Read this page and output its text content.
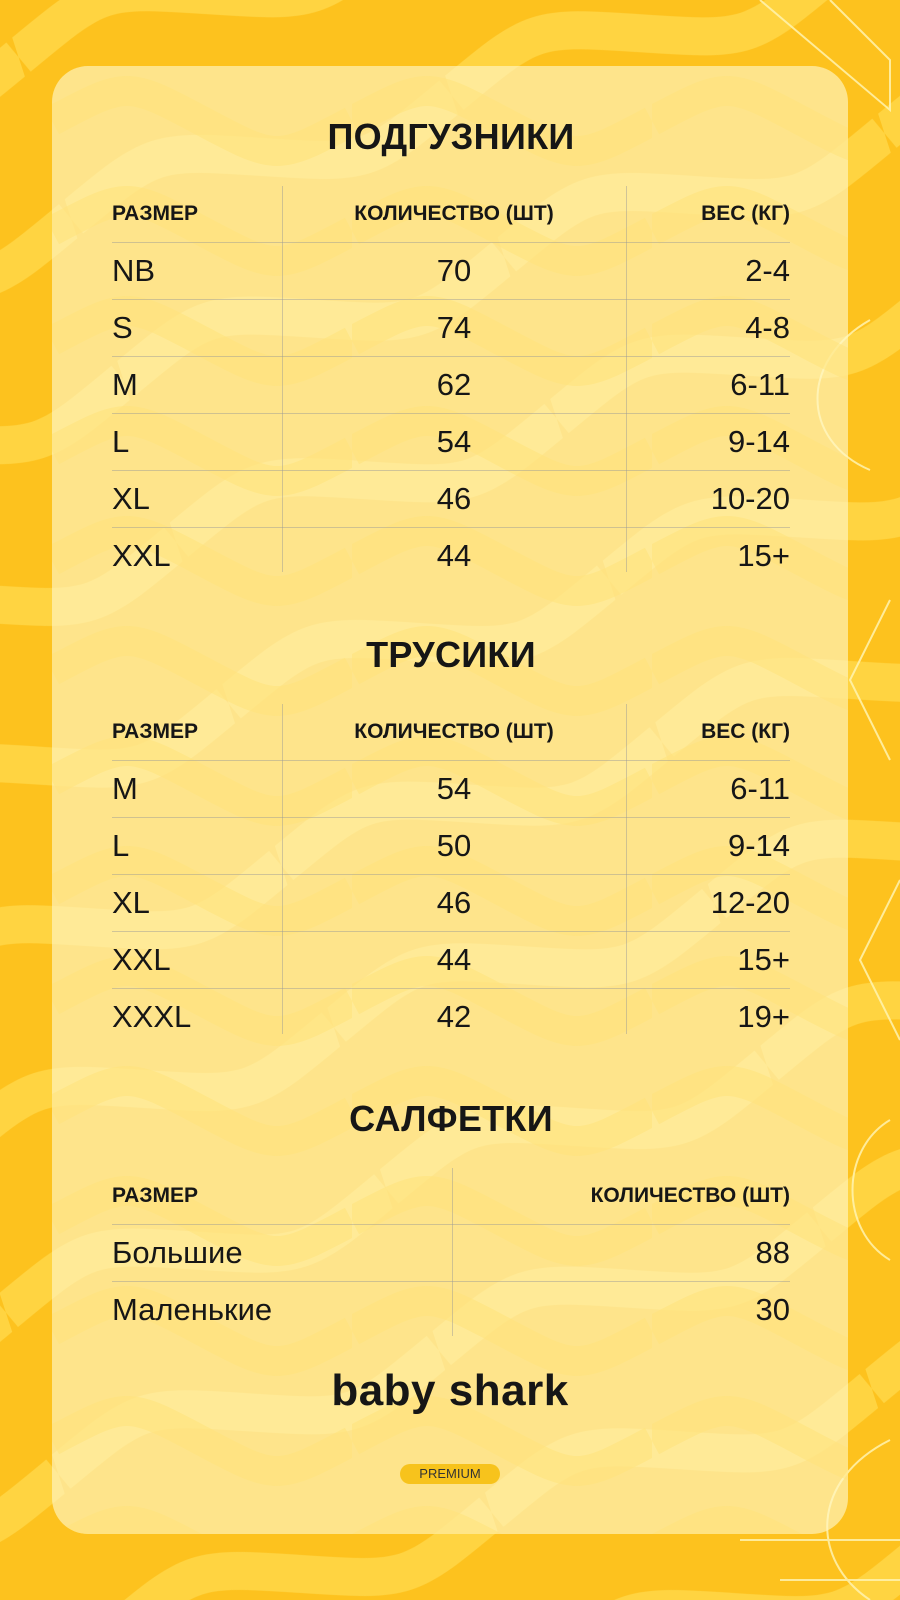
ПОДГУЗНИКИ
РАЗМЕР	КОЛИЧЕСТВО (ШТ)	ВЕС (КГ)
NB	70	2-4
S	74	4-8
M	62	6-11
L	54	9-14
XL	46	10-20
XXL	44	15+
ТРУСИКИ
РАЗМЕР	КОЛИЧЕСТВО (ШТ)	ВЕС (КГ)
M	54	6-11
L	50	9-14
XL	46	12-20
XXL	44	15+
XXXL	42	19+
САЛФЕТКИ
РАЗМЕР	КОЛИЧЕСТВО (ШТ)
Большие	88
Маленькие	30
baby shark
PREMIUM
